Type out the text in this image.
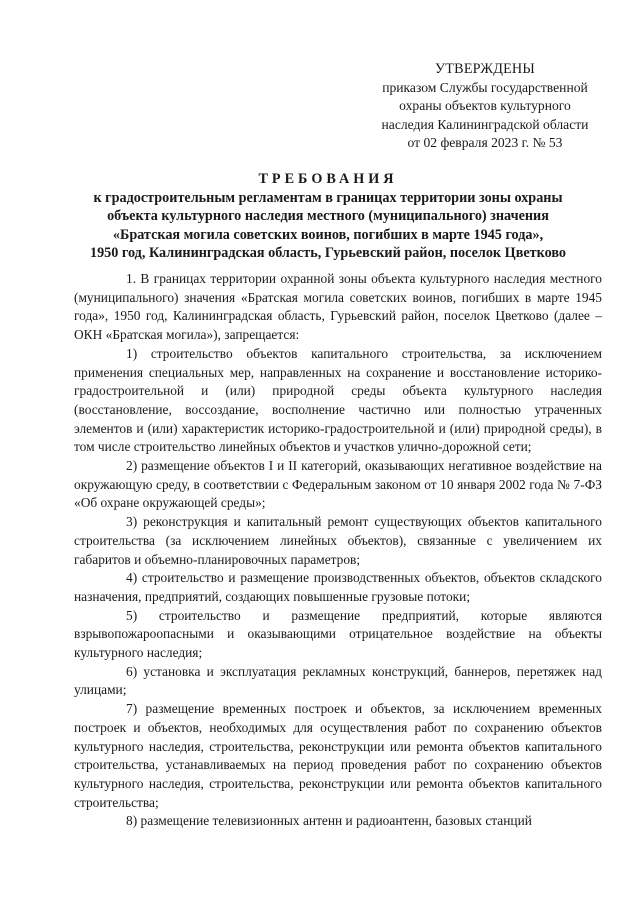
УТВЕРЖДЕНЫ
приказом Службы государственной
охраны объектов культурного
наследия Калининградской области
от 02 февраля 2023 г. № 53
ТРЕБОВАНИЯ
к градостроительным регламентам в границах территории зоны охраны
объекта культурного наследия местного (муниципального) значения
«Братская могила советских воинов, погибших в марте 1945 года»,
1950 год, Калининградская область, Гурьевский район, поселок Цветково

1. В границах территории охранной зоны объекта культурного наследия местного (муниципального) значения «Братская могила советских воинов, погибших в марте 1945 года», 1950 год, Калининградская область, Гурьевский район, поселок Цветково (далее – ОКН «Братская могила»), запрещается:

1) строительство объектов капитального строительства, за исключением применения специальных мер, направленных на сохранение и восстановление историко-градостроительной и (или) природной среды объекта культурного наследия (восстановление, воссоздание, восполнение частично или полностью утраченных элементов и (или) характеристик историко-градостроительной и (или) природной среды), в том числе строительство линейных объектов и участков улично-дорожной сети;

2) размещение объектов I и II категорий, оказывающих негативное воздействие на окружающую среду, в соответствии с Федеральным законом от 10 января 2002 года № 7-ФЗ «Об охране окружающей среды»;

3) реконструкция и капитальный ремонт существующих объектов капитального строительства (за исключением линейных объектов), связанные с увеличением их габаритов и объемно-планировочных параметров;

4) строительство и размещение производственных объектов, объектов складского назначения, предприятий, создающих повышенные грузовые потоки;

5) строительство и размещение предприятий, которые являются взрывопожароопасными и оказывающими отрицательное воздействие на объекты культурного наследия;

6) установка и эксплуатация рекламных конструкций, баннеров, перетяжек над улицами;

7) размещение временных построек и объектов, за исключением временных построек и объектов, необходимых для осуществления работ по сохранению объектов культурного наследия, строительства, реконструкции или ремонта объектов капитального строительства, устанавливаемых на период проведения работ по сохранению объектов культурного наследия, строительства, реконструкции или ремонта объектов капитального строительства;

8) размещение телевизионных антенн и радиоантенн, базовых станций
